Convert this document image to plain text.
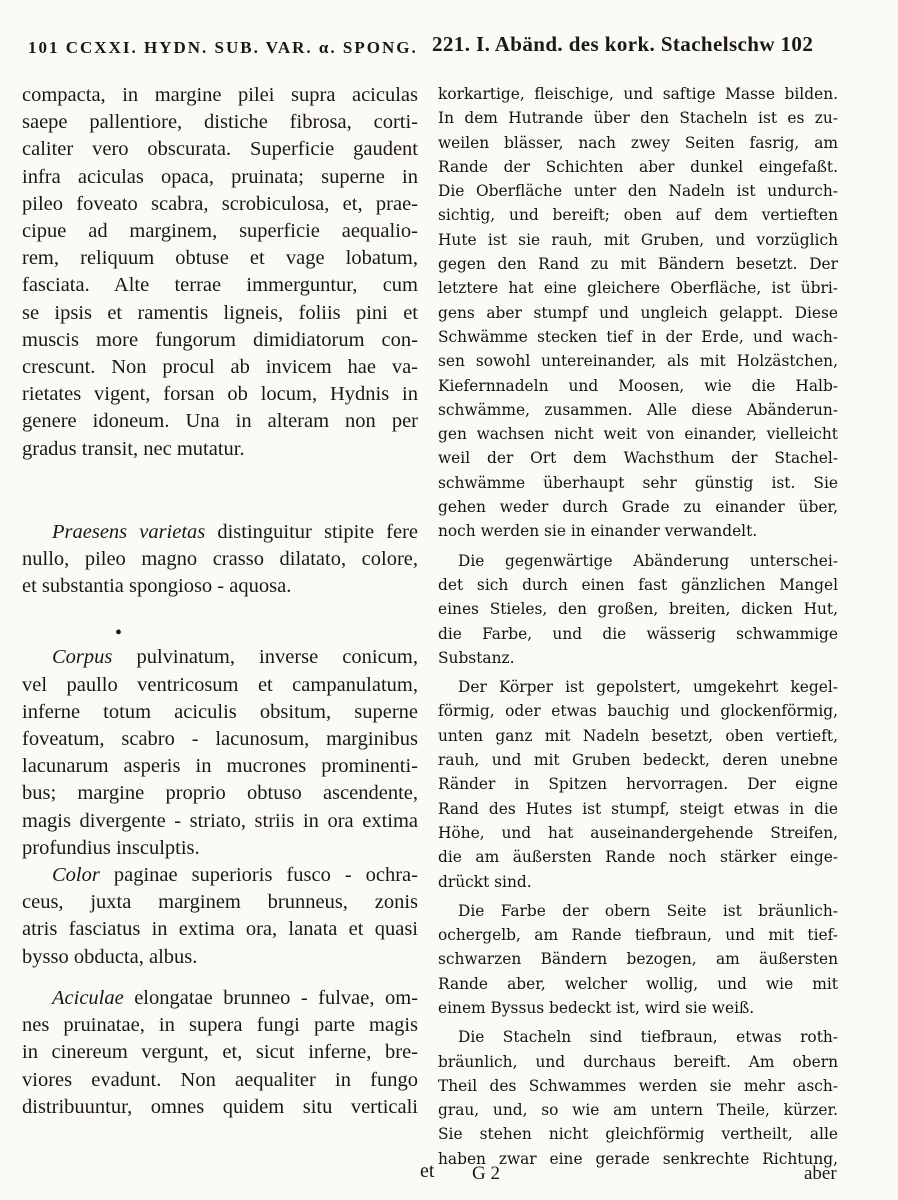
101 CCXXI. HYDN. SUB. VAR. α. SPONG. 221. I. Abänd. des kork. Stachelschw 102
compacta, in margine pilei supra aciculas
saepe pallentiore, distiche fibrosa, corti-
caliter vero obscurata. Superficie gaudent
infra aciculas opaca, pruinata; superne in
pileo foveato scabra, scrobiculosa, et, prae-
cipue ad marginem, superficie aequalio-
rem, reliquum obtuse et vage lobatum,
fasciata. Alte terrae immerguntur, cum
se ipsis et ramentis ligneis, foliis pini et
muscis more fungorum dimidiatorum con-
crescunt. Non procul ab invicem hae va-
rietates vigent, forsan ob locum, Hydnis in
genere idoneum. Una in alteram non per
gradus transit, nec mutatur.
Praesens varietas distinguitur stipite fere
nullo, pileo magno crasso dilatato, colore,
et substantia spongioso - aquosa.
•
Corpus pulvinatum, inverse conicum,
vel paullo ventricosum et campanulatum,
inferne totum aciculis obsitum, superne
foveatum, scabro - lacunosum, marginibus
lacunarum asperis in mucrones prominenti-
bus; margine proprio obtuso ascendente,
magis divergente - striato, striis in ora extima
profundius insculptis.
Color paginae superioris fusco - ochra-
ceus, juxta marginem brunneus, zonis
atris fasciatus in extima ora, lanata et quasi
bysso obducta, albus.
Aciculae elongatae brunneo - fulvae, om-
nes pruinatae, in supera fungi parte magis
in cinereum vergunt, et, sicut inferne, bre-
viores evadunt. Non aequaliter in fungo
distribuuntur, omnes quidem situ verticali
korkartige, fleischige, und saftige Masse bilden.
In dem Hutrande über den Stacheln ist es zu-
weilen blässer, nach zwey Seiten fasrig, am
Rande der Schichten aber dunkel eingefaßt.
Die Oberfläche unter den Nadeln ist undurch-
sichtig, und bereift; oben auf dem vertieften
Hute ist sie rauh, mit Gruben, und vorzüglich
gegen den Rand zu mit Bändern besetzt. Der
letztere hat eine gleichere Oberfläche, ist übri-
gens aber stumpf und ungleich gelappt. Diese
Schwämme stecken tief in der Erde, und wach-
sen sowohl untereinander, als mit Holzästchen,
Kiefernnadeln und Moosen, wie die Halb-
schwämme, zusammen. Alle diese Abänderun-
gen wachsen nicht weit von einander, vielleicht
weil der Ort dem Wachsthum der Stachel-
schwämme überhaupt sehr günstig ist. Sie
gehen weder durch Grade zu einander über,
noch werden sie in einander verwandelt.
Die gegenwärtige Abänderung unterschei-
det sich durch einen fast gänzlichen Mangel
eines Stieles, den großen, breiten, dicken Hut,
die Farbe, und die wässerig schwammige
Substanz.
Der Körper ist gepolstert, umgekehrt kegel-
förmig, oder etwas bauchig und glockenförmig,
unten ganz mit Nadeln besetzt, oben vertieft,
rauh, und mit Gruben bedeckt, deren unebne
Ränder in Spitzen hervorragen. Der eigne
Rand des Hutes ist stumpf, steigt etwas in die
Höhe, und hat auseinandergehende Streifen,
die am äußersten Rande noch stärker einge-
drückt sind.
Die Farbe der obern Seite ist bräunlich-
ochergelb, am Rande tiefbraun, und mit tief-
schwarzen Bändern bezogen, am äußersten
Rande aber, welcher wollig, und wie mit
einem Byssus bedeckt ist, wird sie weiß.
Die Stacheln sind tiefbraun, etwas roth-
bräunlich, und durchaus bereift. Am obern
Theil des Schwammes werden sie mehr asch-
grau, und, so wie am untern Theile, kürzer.
Sie stehen nicht gleichförmig vertheilt, alle
haben zwar eine gerade senkrechte Richtung,
et G 2	aber
